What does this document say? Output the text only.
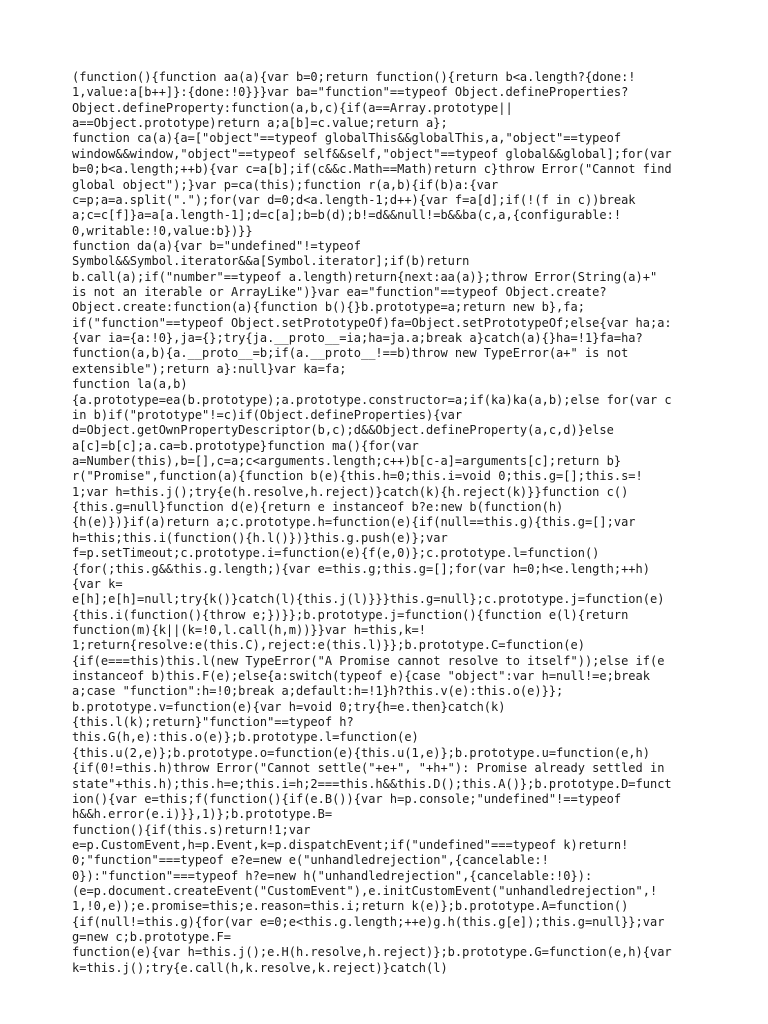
(function(){function aa(a){var b=0;return function(){return b<a.length?{done:!
1,value:a[b++]}:{done:!0}}}var ba="function"==typeof Object.defineProperties?
Object.defineProperty:function(a,b,c){if(a==Array.prototype||
a==Object.prototype)return a;a[b]=c.value;return a};
function ca(a){a=["object"==typeof globalThis&&globalThis,a,"object"==typeof
window&&window,"object"==typeof self&&self,"object"==typeof global&&global];for(var
b=0;b<a.length;++b){var c=a[b];if(c&&c.Math==Math)return c}throw Error("Cannot find
global object");}var p=ca(this);function r(a,b){if(b)a:{var
c=p;a=a.split(".");for(var d=0;d<a.length-1;d++){var f=a[d];if(!(f in c))break
a;c=c[f]}a=a[a.length-1];d=c[a];b=b(d);b!=d&&null!=b&&ba(c,a,{configurable:!
0,writable:!0,value:b})}}
function da(a){var b="undefined"!=typeof
Symbol&&Symbol.iterator&&a[Symbol.iterator];if(b)return
b.call(a);if("number"==typeof a.length)return{next:aa(a)};throw Error(String(a)+"
is not an iterable or ArrayLike")}var ea="function"==typeof Object.create?
Object.create:function(a){function b(){}b.prototype=a;return new b},fa;
if("function"==typeof Object.setPrototypeOf)fa=Object.setPrototypeOf;else{var ha;a:
{var ia={a:!0},ja={};try{ja.__proto__=ia;ha=ja.a;break a}catch(a){}ha=!1}fa=ha?
function(a,b){a.__proto__=b;if(a.__proto__!==b)throw new TypeError(a+" is not
extensible");return a}:null}var ka=fa;
function la(a,b)
{a.prototype=ea(b.prototype);a.prototype.constructor=a;if(ka)ka(a,b);else for(var c
in b)if("prototype"!=c)if(Object.defineProperties){var
d=Object.getOwnPropertyDescriptor(b,c);d&&Object.defineProperty(a,c,d)}else
a[c]=b[c];a.ca=b.prototype}function ma(){for(var
a=Number(this),b=[],c=a;c<arguments.length;c++)b[c-a]=arguments[c];return b}
r("Promise",function(a){function b(e){this.h=0;this.i=void 0;this.g=[];this.s=!
1;var h=this.j();try{e(h.resolve,h.reject)}catch(k){h.reject(k)}}function c()
{this.g=null}function d(e){return e instanceof b?e:new b(function(h)
{h(e)})}if(a)return a;c.prototype.h=function(e){if(null==this.g){this.g=[];var
h=this;this.i(function(){h.l()})}this.g.push(e)};var
f=p.setTimeout;c.prototype.i=function(e){f(e,0)};c.prototype.l=function()
{for(;this.g&&this.g.length;){var e=this.g;this.g=[];for(var h=0;h<e.length;++h)
{var k=
e[h];e[h]=null;try{k()}catch(l){this.j(l)}}}this.g=null};c.prototype.j=function(e)
{this.i(function(){throw e;})}};b.prototype.j=function(){function e(l){return
function(m){k||(k=!0,l.call(h,m))}}var h=this,k=!
1;return{resolve:e(this.C),reject:e(this.l)}};b.prototype.C=function(e)
{if(e===this)this.l(new TypeError("A Promise cannot resolve to itself"));else if(e
instanceof b)this.F(e);else{a:switch(typeof e){case "object":var h=null!=e;break
a;case "function":h=!0;break a;default:h=!1}h?this.v(e):this.o(e)}};
b.prototype.v=function(e){var h=void 0;try{h=e.then}catch(k)
{this.l(k);return}"function"==typeof h?
this.G(h,e):this.o(e)};b.prototype.l=function(e)
{this.u(2,e)};b.prototype.o=function(e){this.u(1,e)};b.prototype.u=function(e,h)
{if(0!=this.h)throw Error("Cannot settle("+e+", "+h+"): Promise already settled in
state"+this.h);this.h=e;this.i=h;2===this.h&&this.D();this.A()};b.prototype.D=funct
ion(){var e=this;f(function(){if(e.B()){var h=p.console;"undefined"!==typeof
h&&h.error(e.i)}},1)};b.prototype.B=
function(){if(this.s)return!1;var
e=p.CustomEvent,h=p.Event,k=p.dispatchEvent;if("undefined"===typeof k)return!
0;"function"===typeof e?e=new e("unhandledrejection",{cancelable:!
0}):"function"===typeof h?e=new h("unhandledrejection",{cancelable:!0}):
(e=p.document.createEvent("CustomEvent"),e.initCustomEvent("unhandledrejection",!
1,!0,e));e.promise=this;e.reason=this.i;return k(e)};b.prototype.A=function()
{if(null!=this.g){for(var e=0;e<this.g.length;++e)g.h(this.g[e]);this.g=null}};var
g=new c;b.prototype.F=
function(e){var h=this.j();e.H(h.resolve,h.reject)};b.prototype.G=function(e,h){var
k=this.j();try{e.call(h,k.resolve,k.reject)}catch(l)
